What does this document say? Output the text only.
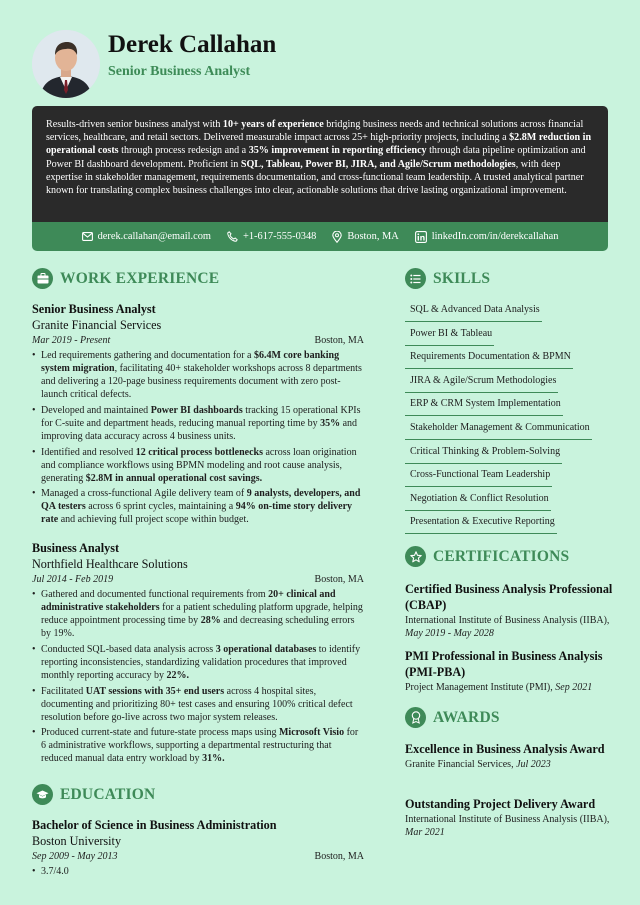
Derek Callahan
Senior Business Analyst
Results-driven senior business analyst with 10+ years of experience bridging business needs and technical solutions across financial services, healthcare, and retail sectors. Delivered measurable impact across 25+ high-priority projects, including a $2.8M reduction in operational costs through process redesign and a 35% improvement in reporting efficiency through data pipeline optimization and Power BI dashboard development. Proficient in SQL, Tableau, Power BI, JIRA, and Agile/Scrum methodologies, with deep expertise in stakeholder management, requirements documentation, and cross-functional team leadership. A trusted analytical partner known for translating complex business challenges into clear, actionable solutions that drive lasting organizational improvement.
derek.callahan@email.com	+1-617-555-0348	Boston, MA	linkedIn.com/in/derekcallahan
WORK EXPERIENCE
Senior Business Analyst
Granite Financial Services
Mar 2019 - Present	Boston, MA
• Led requirements gathering and documentation for a $6.4M core banking system migration, facilitating 40+ stakeholder workshops across 8 departments and delivering a 120-page business requirements document with zero post-launch critical defects.
• Developed and maintained Power BI dashboards tracking 15 operational KPIs for C-suite and department heads, reducing manual reporting time by 35% and improving data accuracy across 4 business units.
• Identified and resolved 12 critical process bottlenecks across loan origination and compliance workflows using BPMN modeling and root cause analysis, generating $2.8M in annual operational cost savings.
• Managed a cross-functional Agile delivery team of 9 analysts, developers, and QA testers across 6 sprint cycles, maintaining a 94% on-time story delivery rate and achieving full project scope within budget.
Business Analyst
Northfield Healthcare Solutions
Jul 2014 - Feb 2019	Boston, MA
• Gathered and documented functional requirements from 20+ clinical and administrative stakeholders for a patient scheduling platform upgrade, helping reduce appointment processing time by 28% and decreasing scheduling errors by 19%.
• Conducted SQL-based data analysis across 3 operational databases to identify reporting inconsistencies, standardizing validation procedures that improved monthly reporting accuracy by 22%.
• Facilitated UAT sessions with 35+ end users across 4 hospital sites, documenting and prioritizing 80+ test cases and ensuring 100% critical defect resolution before go-live across two major system releases.
• Produced current-state and future-state process maps using Microsoft Visio for 6 administrative workflows, supporting a departmental restructuring that reduced manual data entry workload by 31%.
EDUCATION
Bachelor of Science in Business Administration
Boston University
Sep 2009 - May 2013	Boston, MA
• 3.7/4.0
SKILLS
SQL & Advanced Data Analysis
Power BI & Tableau
Requirements Documentation & BPMN
JIRA & Agile/Scrum Methodologies
ERP & CRM System Implementation
Stakeholder Management & Communication
Critical Thinking & Problem-Solving
Cross-Functional Team Leadership
Negotiation & Conflict Resolution
Presentation & Executive Reporting
CERTIFICATIONS
Certified Business Analysis Professional (CBAP)
International Institute of Business Analysis (IIBA), May 2019 - May 2028
PMI Professional in Business Analysis (PMI-PBA)
Project Management Institute (PMI), Sep 2021
AWARDS
Excellence in Business Analysis Award
Granite Financial Services, Jul 2023
Outstanding Project Delivery Award
International Institute of Business Analysis (IIBA), Mar 2021
